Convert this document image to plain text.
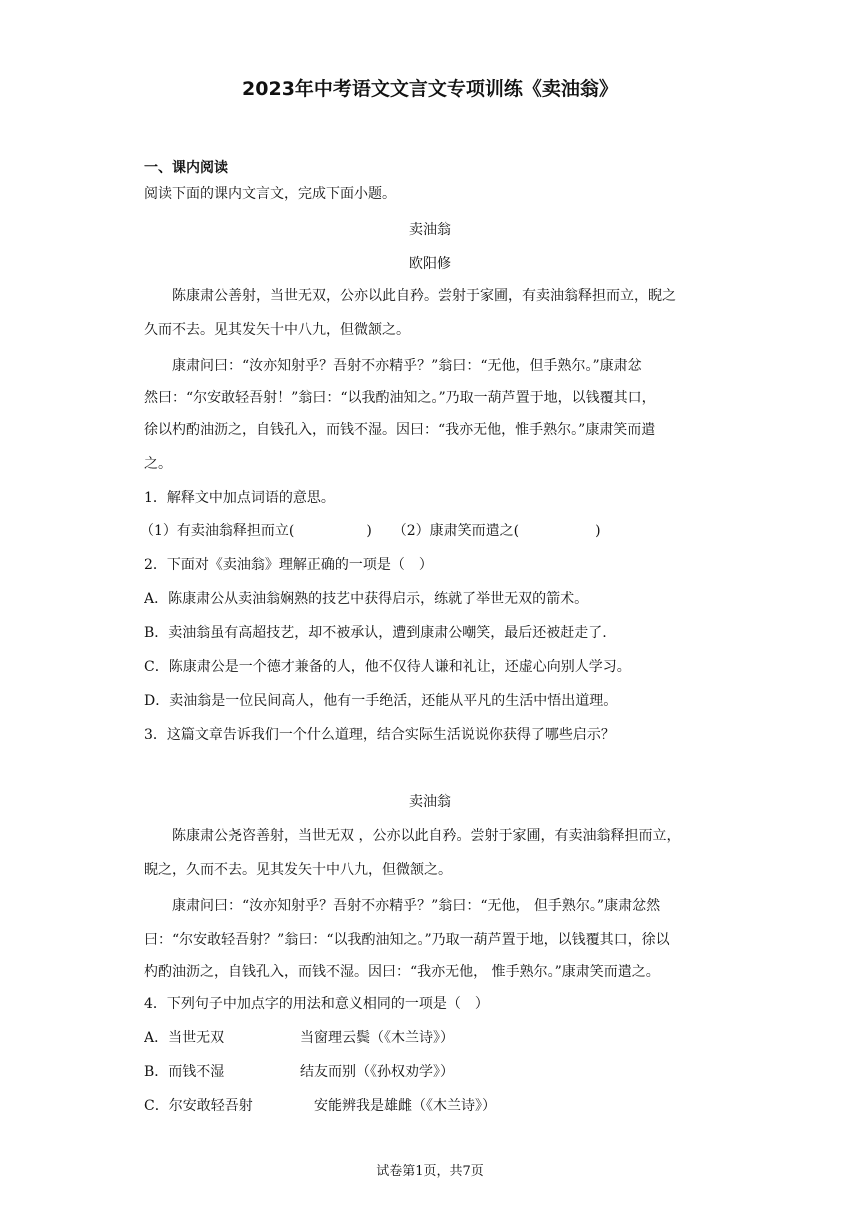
2023年中考语文文言文专项训练《卖油翁》
一、课内阅读
阅读下面的课内文言文，完成下面小题。
卖油翁
欧阳修
陈康肃公善射，当世无双，公亦以此自矜。尝射于家圃，有卖油翁释担而立，睨之
久而不去。见其发矢十中八九，但微颔之。
康肃问曰：“汝亦知射乎？吾射不亦精乎？”翁曰：“无他，但手熟尔。”康肃忿
然曰：“尔安敢轻吾射！”翁曰：“以我酌油知之。”乃取一葫芦置于地，以钱覆其口，
徐以杓酌油沥之，自钱孔入，而钱不湿。因曰：“我亦无他，惟手熟尔。”康肃笑而遣
之。
1．解释文中加点词语的意思。
（1）有卖油翁释担而立(	) （2）康肃笑而遣之(	)
2．下面对《卖油翁》理解正确的一项是（　）
A．陈康肃公从卖油翁娴熟的技艺中获得启示，练就了举世无双的箭术。
B．卖油翁虽有高超技艺，却不被承认，遭到康肃公嘲笑，最后还被赶走了.
C．陈康肃公是一个德才兼备的人，他不仅待人谦和礼让，还虚心向别人学习。
D．卖油翁是一位民间高人，他有一手绝活，还能从平凡的生活中悟出道理。
3．这篇文章告诉我们一个什么道理，结合实际生活说说你获得了哪些启示？
卖油翁
陈康肃公尧咨善射，当世无双 ，公亦以此自矜。尝射于家圃，有卖油翁释担而立，
睨之，久而不去。见其发矢十中八九，但微颔之。
康肃问曰：“汝亦知射乎？吾射不亦精乎？”翁曰：“无他， 但手熟尔。”康肃忿然
曰：“尔安敢轻吾射？”翁曰：“以我酌油知之。”乃取一葫芦置于地，以钱覆其口，徐以
杓酌油沥之，自钱孔入，而钱不湿。因曰：“我亦无他， 惟手熟尔。”康肃笑而遣之。
4．下列句子中加点字的用法和意义相同的一项是（　）
A．当世无双	当窗理云鬓（《木兰诗》）
B．而钱不湿	结友而别（《孙权劝学》）
C．尔安敢轻吾射	安能辨我是雄雌（《木兰诗》）
试卷第1页，共7页
